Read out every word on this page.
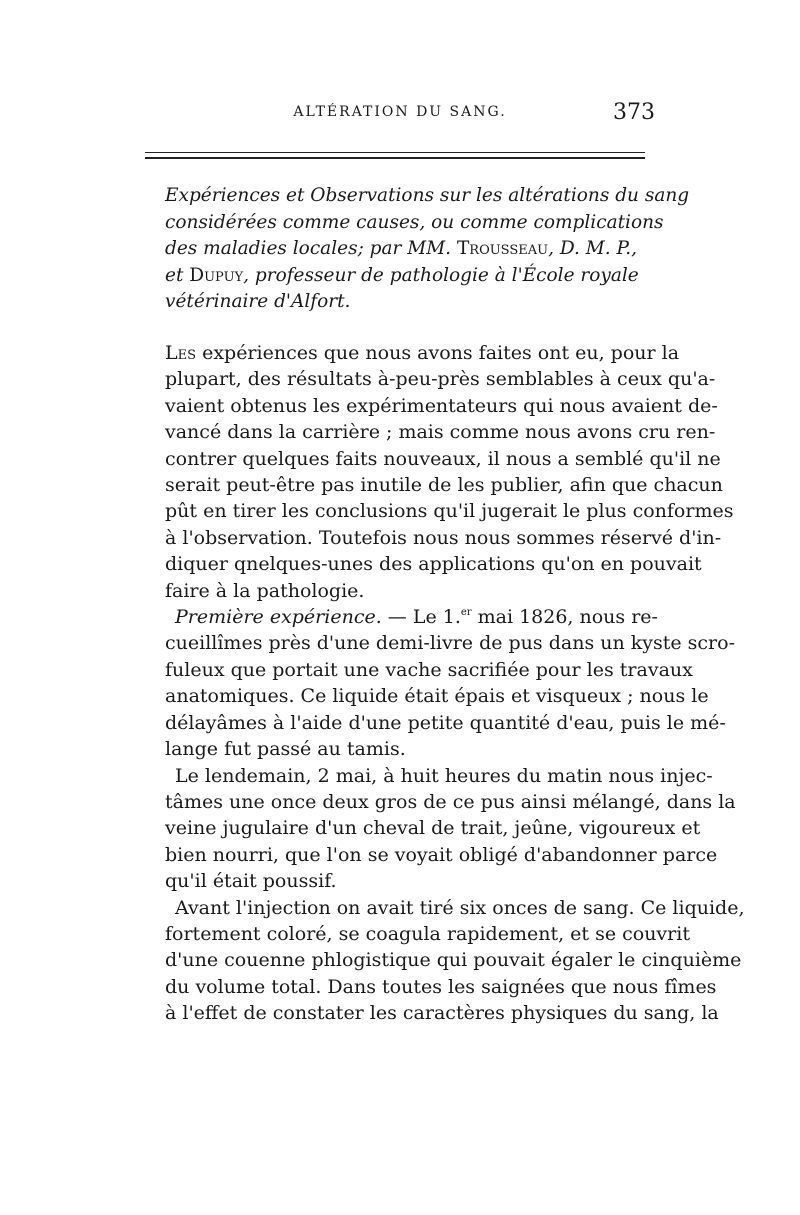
ALTÉRATION DU SANG.	373
Expériences et Observations sur les altérations du sang
considérées comme causes, ou comme complications
des maladies locales; par MM. Trousseau, D. M. P.,
et Dupuy, professeur de pathologie à l'École royale
vétérinaire d'Alfort.
Les expériences que nous avons faites ont eu, pour la
plupart, des résultats à-peu-près semblables à ceux qu'a-
vaient obtenus les expérimentateurs qui nous avaient de-
vancé dans la carrière ; mais comme nous avons cru ren-
contrer quelques faits nouveaux, il nous a semblé qu'il ne
serait peut-être pas inutile de les publier, afin que chacun
pût en tirer les conclusions qu'il jugerait le plus conformes
à l'observation. Toutefois nous nous sommes réservé d'in-
diquer qnelques-unes des applications qu'on en pouvait
faire à la pathologie.
Première expérience. — Le 1.$^{er}$ mai 1826, nous re-
cueillîmes près d'une demi-livre de pus dans un kyste scro-
fuleux que portait une vache sacrifiée pour les travaux
anatomiques. Ce liquide était épais et visqueux ; nous le
délayâmes à l'aide d'une petite quantité d'eau, puis le mé-
lange fut passé au tamis.
Le lendemain, 2 mai, à huit heures du matin nous injec-
tâmes une once deux gros de ce pus ainsi mélangé, dans la
veine jugulaire d'un cheval de trait, jeûne, vigoureux et
bien nourri, que l'on se voyait obligé d'abandonner parce
qu'il était poussif.
Avant l'injection on avait tiré six onces de sang. Ce liquide,
fortement coloré, se coagula rapidement, et se couvrit
d'une couenne phlogistique qui pouvait égaler le cinquième
du volume total. Dans toutes les saignées que nous fîmes
à l'effet de constater les caractères physiques du sang, la
